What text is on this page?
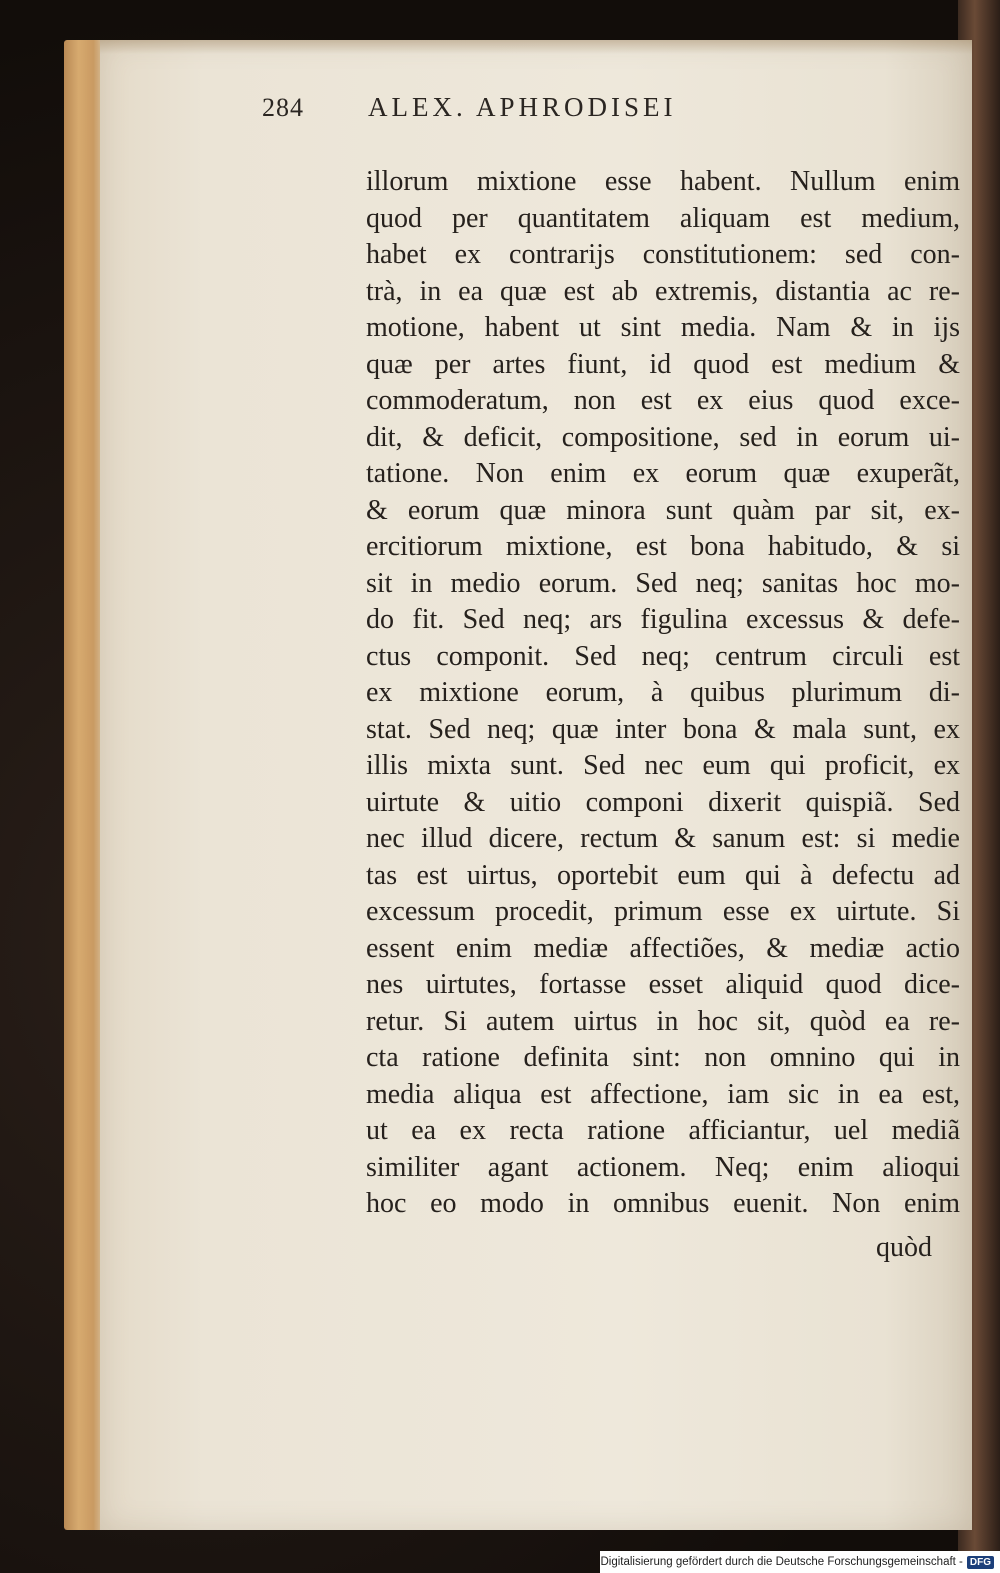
284 ALEX. APHRODISEI
illorum mixtione esse habent. Nullum enim
quod per quantitatem aliquam est medium,
habet ex contrarijs constitutionem: sed con-
trà, in ea quæ est ab extremis, distantia ac re-
motione, habent ut sint media. Nam & in ijs
quæ per artes fiunt, id quod est medium &
commoderatum, non est ex eius quod exce-
dit, & deficit, compositione, sed in eorum ui-
tatione. Non enim ex eorum quæ exuperãt,
& eorum quæ minora sunt quàm par sit, ex-
ercitiorum mixtione, est bona habitudo, & si
sit in medio eorum. Sed neq; sanitas hoc mo-
do fit. Sed neq; ars figulina excessus & defe-
ctus componit. Sed neq; centrum circuli est
ex mixtione eorum, à quibus plurimum di-
stat. Sed neq; quæ inter bona & mala sunt, ex
illis mixta sunt. Sed nec eum qui proficit, ex
uirtute & uitio componi dixerit quispiã. Sed
nec illud dicere, rectum & sanum est: si medie
tas est uirtus, oportebit eum qui à defectu ad
excessum procedit, primum esse ex uirtute. Si
essent enim mediæ affectiões, & mediæ actio
nes uirtutes, fortasse esset aliquid quod dice-
retur. Si autem uirtus in hoc sit, quòd ea re-
cta ratione definita sint: non omnino qui in
media aliqua est affectione, iam sic in ea est,
ut ea ex recta ratione afficiantur, uel mediã
similiter agant actionem. Neq; enim alioqui
hoc eo modo in omnibus euenit. Non enim
quòd
Digitalisierung gefördert durch die Deutsche Forschungsgemeinschaft - DFG
